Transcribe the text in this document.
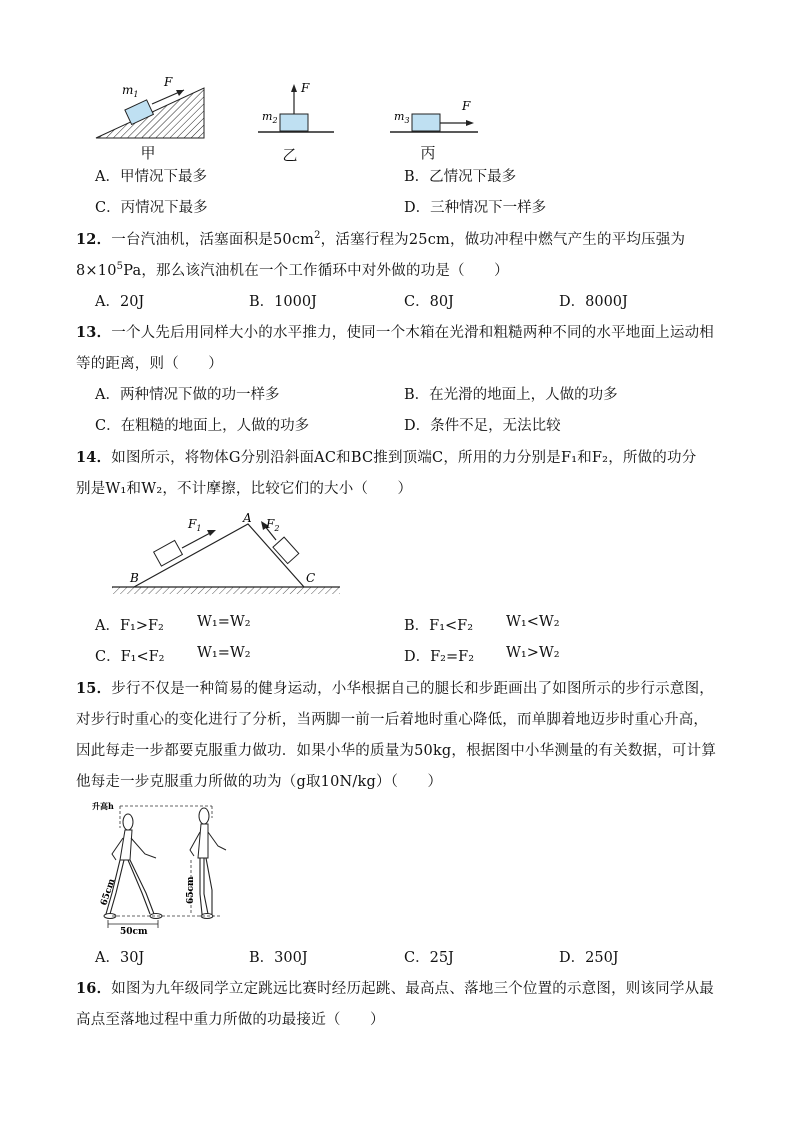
$m_1$
F
甲
F
$m_2$
乙
F
$m_3$
丙
A．甲情况下最多	B．乙情况下最多
C．丙情况下最多	D．三种情况下一样多
12．一台汽油机，活塞面积是$50cm^2$，活塞行程为25cm，做功冲程中燃气产生的平均压强为
$8\times 10^5Pa$，那么该汽油机在一个工作循环中对外做的功是（　　）
A．20J	B．1000J	C．80J	D．8000J
13．一个人先后用同样大小的水平推力，使同一个木箱在光滑和粗糙两种不同的水平地面上运动相
等的距离，则（　　）
A．两种情况下做的功一样多	B．在光滑的地面上，人做的功多
C．在粗糙的地面上，人做的功多	D．条件不足，无法比较
14．如图所示，将物体G分别沿斜面AC和BC推到顶端C，所用的力分别是F₁和F₂，所做的功分
别是W₁和W₂，不计摩擦，比较它们的大小（　　）
A
B	C
$F_1$	$F_2$
A．F₁>F₂ W₁=W₂	B．F₁<F₂ W₁<W₂
C．F₁<F₂ W₁=W₂	D．F₂=F₂ W₁>W₂
15．步行不仅是一种简易的健身运动，小华根据自己的腿长和步距画出了如图所示的步行示意图，
对步行时重心的变化进行了分析，当两脚一前一后着地时重心降低，而单脚着地迈步时重心升高，
因此每走一步都要克服重力做功．如果小华的质量为50kg，根据图中小华测量的有关数据，可计算
他每走一步克服重力所做的功为（g取10N/kg）（　　）
升高h
65cm	65cm
50cm
A．30J	B．300J	C．25J	D．250J
16．如图为九年级同学立定跳远比赛时经历起跳、最高点、落地三个位置的示意图，则该同学从最
高点至落地过程中重力所做的功最接近（　　）
